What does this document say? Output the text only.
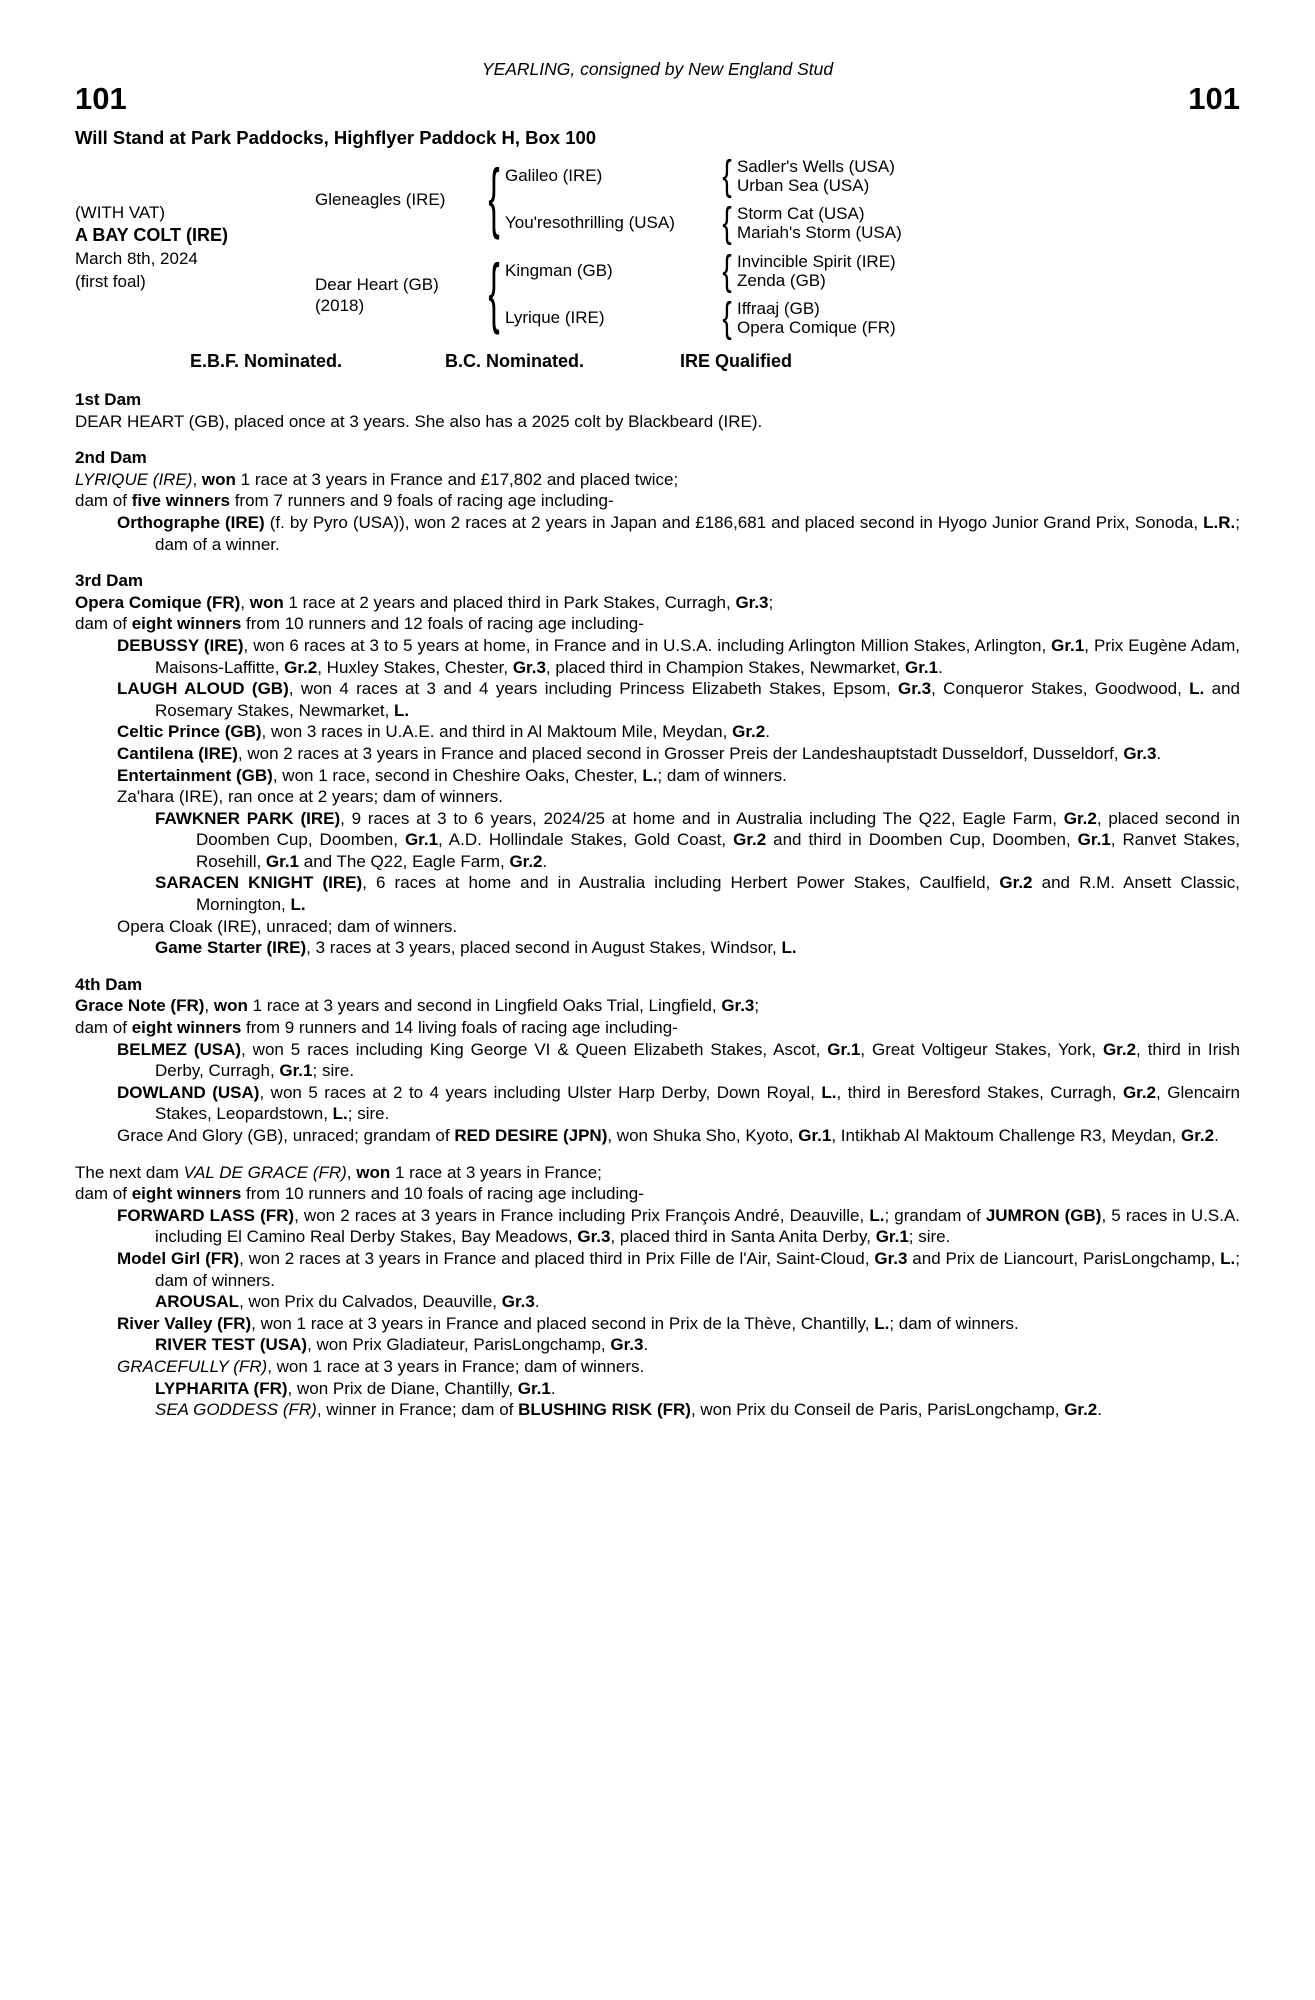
YEARLING, consigned by New England Stud
101	101
Will Stand at Park Paddocks, Highflyer Paddock H, Box 100
(WITH VAT)
A BAY COLT (IRE)
March 8th, 2024
(first foal)
Gleneagles (IRE)	{ Galileo (IRE)	{ Sadler's Wells (USA)
Urban Sea (USA)
You'resothrilling (USA)	{ Storm Cat (USA)
Mariah's Storm (USA)
Dear Heart (GB)
(2018)	{ Kingman (GB)	{ Invincible Spirit (IRE)
Zenda (GB)
Lyrique (IRE)	{ Iffraaj (GB)
Opera Comique (FR)
E.B.F. Nominated.	B.C. Nominated.	IRE Qualified
1st Dam

DEAR HEART (GB), placed once at 3 years. She also has a 2025 colt by Blackbeard (IRE).

2nd Dam

LYRIQUE (IRE), won 1 race at 3 years in France and £17,802 and placed twice;

dam of five winners from 7 runners and 9 foals of racing age including-

Orthographe (IRE) (f. by Pyro (USA)), won 2 races at 2 years in Japan and £186,681 and placed second in Hyogo Junior Grand Prix, Sonoda, L.R.; dam of a winner.

3rd Dam

Opera Comique (FR), won 1 race at 2 years and placed third in Park Stakes, Curragh, Gr.3;

dam of eight winners from 10 runners and 12 foals of racing age including-

DEBUSSY (IRE), won 6 races at 3 to 5 years at home, in France and in U.S.A. including Arlington Million Stakes, Arlington, Gr.1, Prix Eugène Adam, Maisons-Laffitte, Gr.2, Huxley Stakes, Chester, Gr.3, placed third in Champion Stakes, Newmarket, Gr.1.

LAUGH ALOUD (GB), won 4 races at 3 and 4 years including Princess Elizabeth Stakes, Epsom, Gr.3, Conqueror Stakes, Goodwood, L. and Rosemary Stakes, Newmarket, L.

Celtic Prince (GB), won 3 races in U.A.E. and third in Al Maktoum Mile, Meydan, Gr.2.

Cantilena (IRE), won 2 races at 3 years in France and placed second in Grosser Preis der Landeshauptstadt Dusseldorf, Dusseldorf, Gr.3.

Entertainment (GB), won 1 race, second in Cheshire Oaks, Chester, L.; dam of winners.

Za'hara (IRE), ran once at 2 years; dam of winners.

FAWKNER PARK (IRE), 9 races at 3 to 6 years, 2024/25 at home and in Australia including The Q22, Eagle Farm, Gr.2, placed second in Doomben Cup, Doomben, Gr.1, A.D. Hollindale Stakes, Gold Coast, Gr.2 and third in Doomben Cup, Doomben, Gr.1, Ranvet Stakes, Rosehill, Gr.1 and The Q22, Eagle Farm, Gr.2.

SARACEN KNIGHT (IRE), 6 races at home and in Australia including Herbert Power Stakes, Caulfield, Gr.2 and R.M. Ansett Classic, Mornington, L.

Opera Cloak (IRE), unraced; dam of winners.

Game Starter (IRE), 3 races at 3 years, placed second in August Stakes, Windsor, L.

4th Dam

Grace Note (FR), won 1 race at 3 years and second in Lingfield Oaks Trial, Lingfield, Gr.3;

dam of eight winners from 9 runners and 14 living foals of racing age including-

BELMEZ (USA), won 5 races including King George VI & Queen Elizabeth Stakes, Ascot, Gr.1, Great Voltigeur Stakes, York, Gr.2, third in Irish Derby, Curragh, Gr.1; sire.

DOWLAND (USA), won 5 races at 2 to 4 years including Ulster Harp Derby, Down Royal, L., third in Beresford Stakes, Curragh, Gr.2, Glencairn Stakes, Leopardstown, L.; sire.

Grace And Glory (GB), unraced; grandam of RED DESIRE (JPN), won Shuka Sho, Kyoto, Gr.1, Intikhab Al Maktoum Challenge R3, Meydan, Gr.2.

The next dam VAL DE GRACE (FR), won 1 race at 3 years in France;

dam of eight winners from 10 runners and 10 foals of racing age including-

FORWARD LASS (FR), won 2 races at 3 years in France including Prix François André, Deauville, L.; grandam of JUMRON (GB), 5 races in U.S.A. including El Camino Real Derby Stakes, Bay Meadows, Gr.3, placed third in Santa Anita Derby, Gr.1; sire.

Model Girl (FR), won 2 races at 3 years in France and placed third in Prix Fille de l'Air, Saint-Cloud, Gr.3 and Prix de Liancourt, ParisLongchamp, L.; dam of winners.

AROUSAL, won Prix du Calvados, Deauville, Gr.3.

River Valley (FR), won 1 race at 3 years in France and placed second in Prix de la Thève, Chantilly, L.; dam of winners.

RIVER TEST (USA), won Prix Gladiateur, ParisLongchamp, Gr.3.

GRACEFULLY (FR), won 1 race at 3 years in France; dam of winners.

LYPHARITA (FR), won Prix de Diane, Chantilly, Gr.1.

SEA GODDESS (FR), winner in France; dam of BLUSHING RISK (FR), won Prix du Conseil de Paris, ParisLongchamp, Gr.2.
